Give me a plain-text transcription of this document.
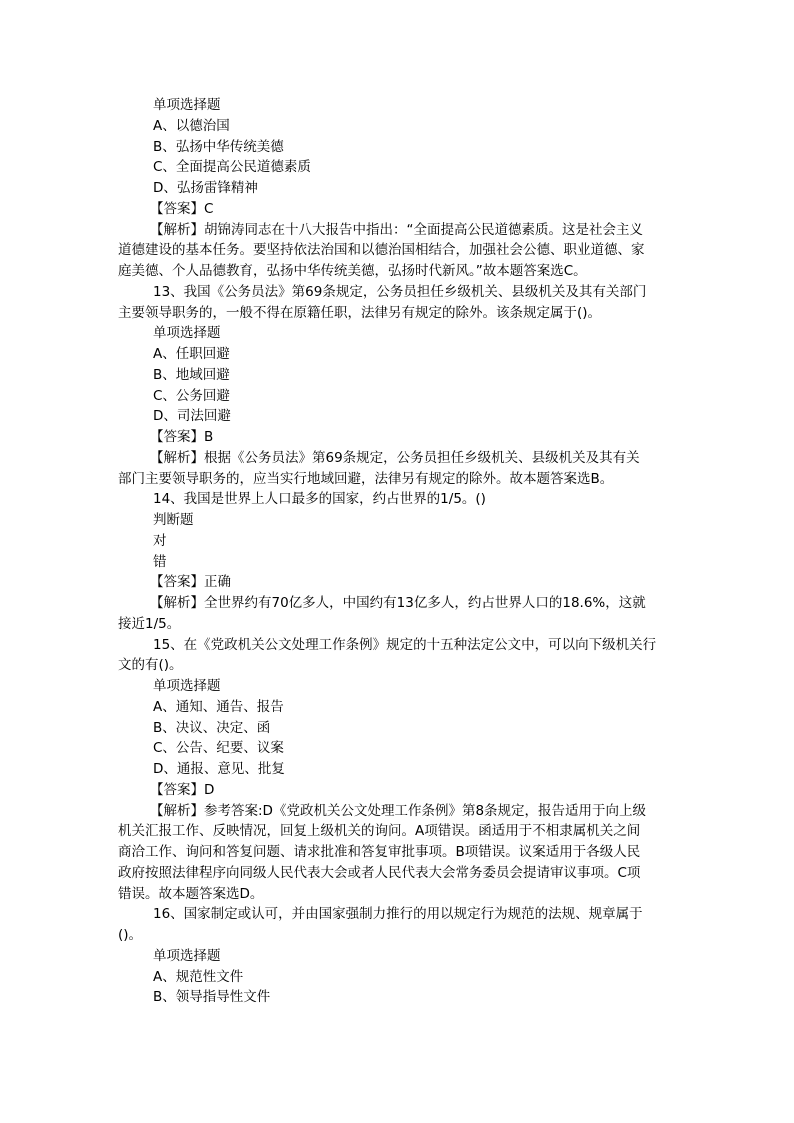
单项选择题
A、以德治国
B、弘扬中华传统美德
C、全面提高公民道德素质
D、弘扬雷锋精神
【答案】C
【解析】胡锦涛同志在十八大报告中指出：“全面提高公民道德素质。这是社会主义
道德建设的基本任务。要坚持依法治国和以德治国相结合，加强社会公德、职业道德、家
庭美德、个人品德教育，弘扬中华传统美德，弘扬时代新风。”故本题答案选C。
13、我国《公务员法》第69条规定，公务员担任乡级机关、县级机关及其有关部门
主要领导职务的，一般不得在原籍任职，法律另有规定的除外。该条规定属于()。
单项选择题
A、任职回避
B、地域回避
C、公务回避
D、司法回避
【答案】B
【解析】根据《公务员法》第69条规定，公务员担任乡级机关、县级机关及其有关
部门主要领导职务的，应当实行地域回避，法律另有规定的除外。故本题答案选B。
14、我国是世界上人口最多的国家，约占世界的1/5。()
判断题
对
错
【答案】正确
【解析】全世界约有70亿多人，中国约有13亿多人，约占世界人口的18.6%，这就
接近1/5。
15、在《党政机关公文处理工作条例》规定的十五种法定公文中，可以向下级机关行
文的有()。
单项选择题
A、通知、通告、报告
B、决议、决定、函
C、公告、纪要、议案
D、通报、意见、批复
【答案】D
【解析】参考答案:D《党政机关公文处理工作条例》第8条规定，报告适用于向上级
机关汇报工作、反映情况，回复上级机关的询问。A项错误。函适用于不相隶属机关之间
商洽工作、询问和答复问题、请求批准和答复审批事项。B项错误。议案适用于各级人民
政府按照法律程序向同级人民代表大会或者人民代表大会常务委员会提请审议事项。C项
错误。故本题答案选D。
16、国家制定或认可，并由国家强制力推行的用以规定行为规范的法规、规章属于
()。
单项选择题
A、规范性文件
B、领导指导性文件
